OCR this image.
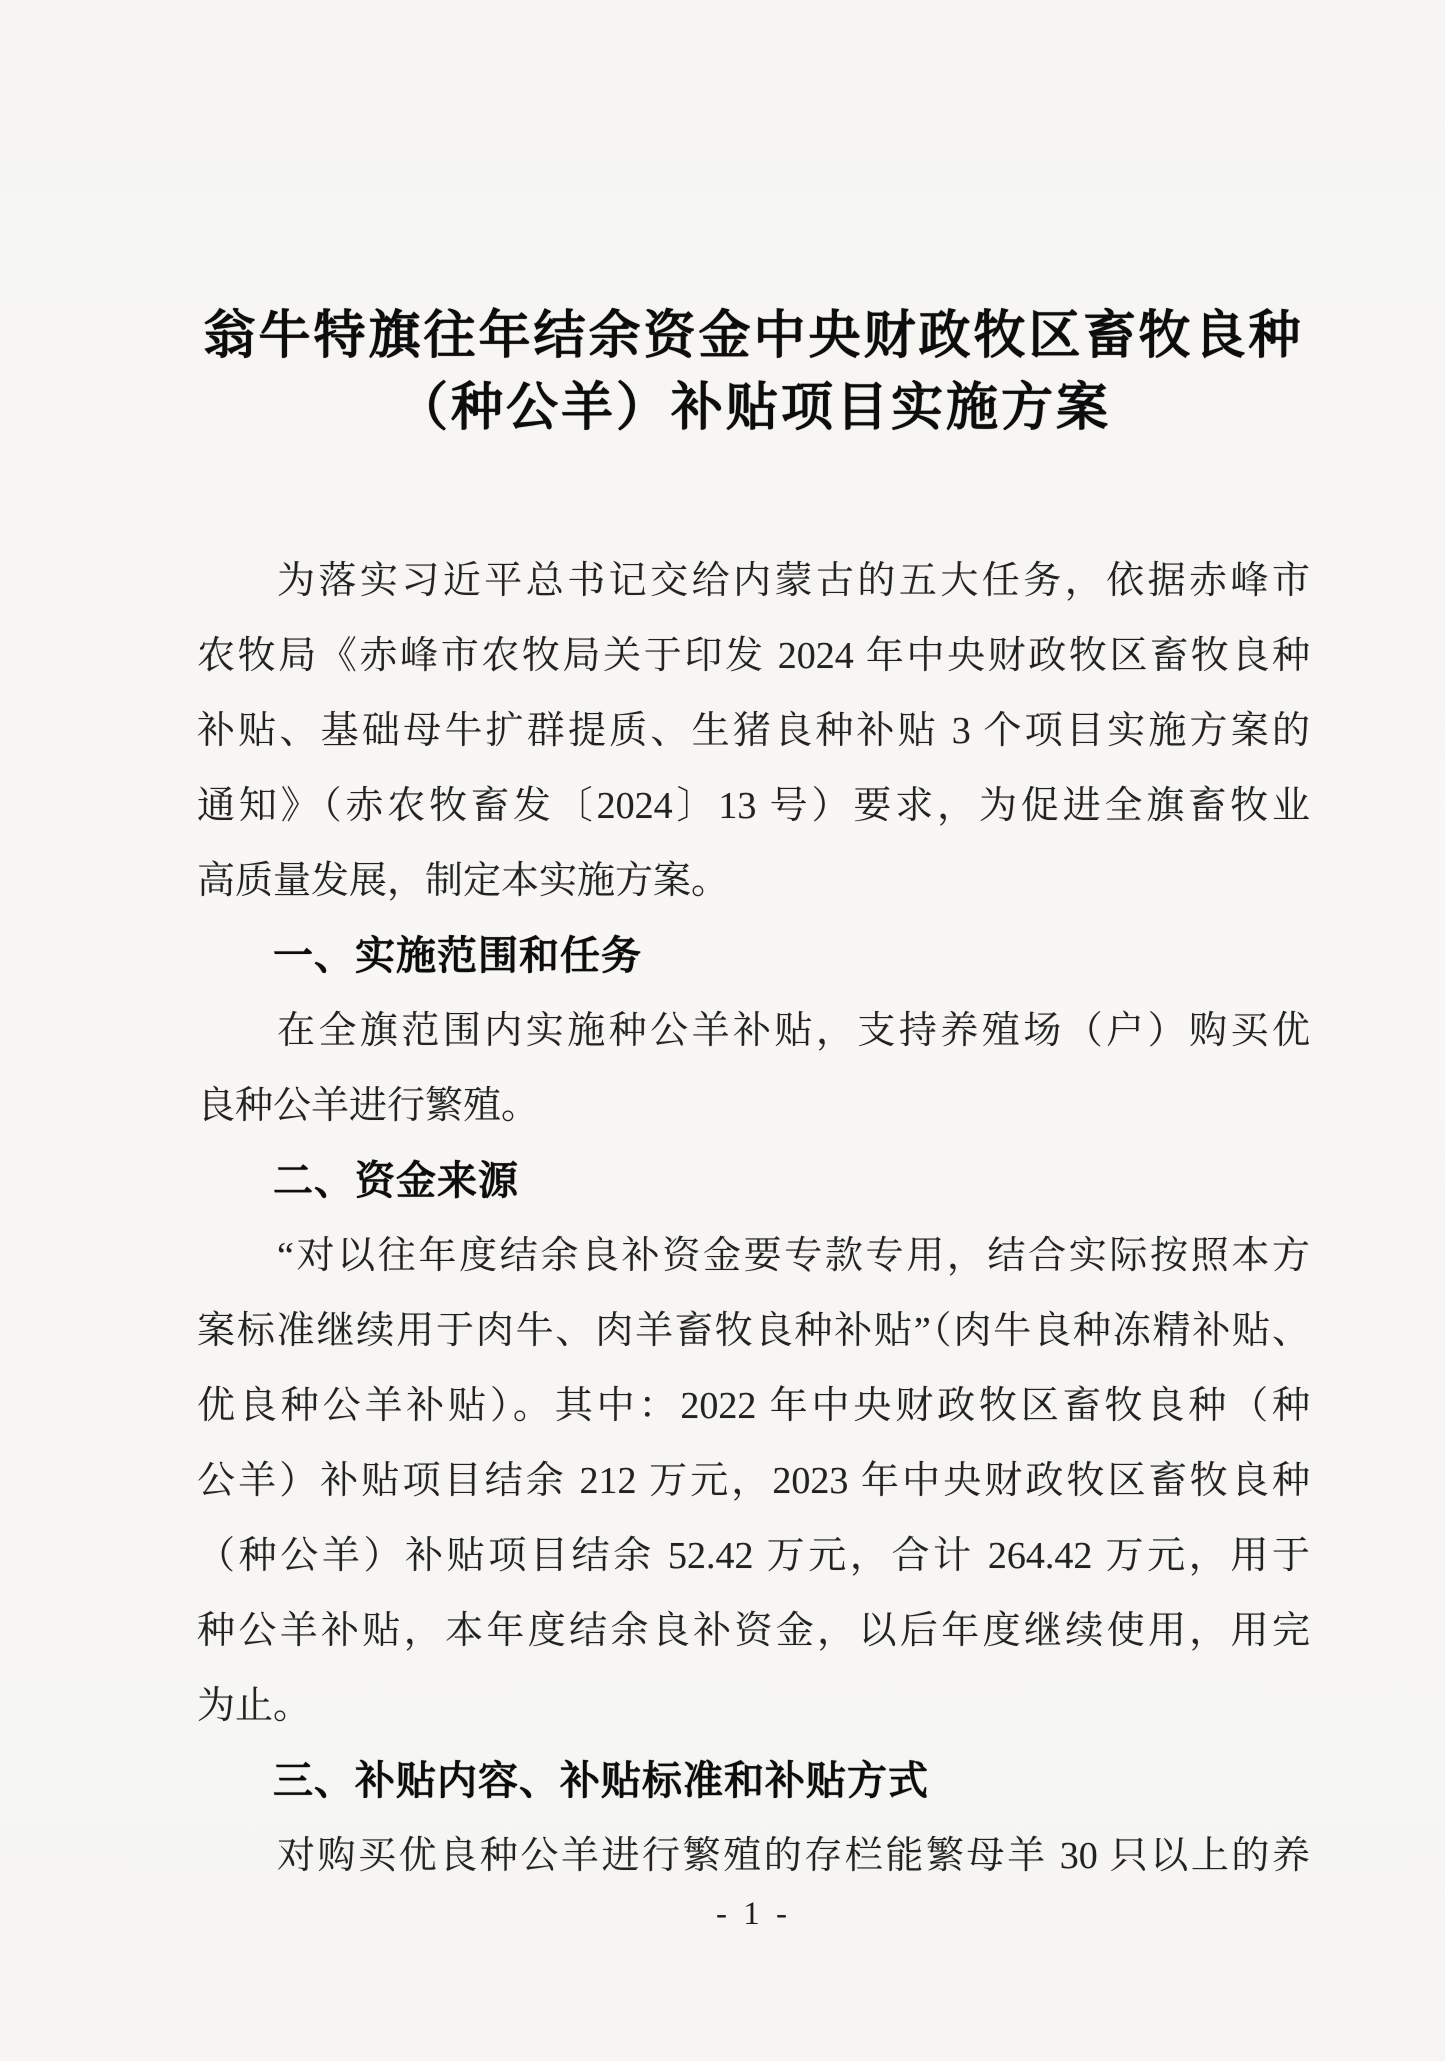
翁牛特旗往年结余资金中央财政牧区畜牧良种
（种公羊）补贴项目实施方案
为落实习近平总书记交给内蒙古的五大任务，依据赤峰市
农牧局《赤峰市农牧局关于印发 2024 年中央财政牧区畜牧良种
补贴、基础母牛扩群提质、生猪良种补贴 3 个项目实施方案的
通知》（赤农牧畜发〔2024〕13 号）要求，为促进全旗畜牧业
高质量发展，制定本实施方案。
一、实施范围和任务
在全旗范围内实施种公羊补贴，支持养殖场（户）购买优
良种公羊进行繁殖。
二、资金来源
“对以往年度结余良补资金要专款专用，结合实际按照本方
案标准继续用于肉牛、肉羊畜牧良种补贴”（肉牛良种冻精补贴、
优良种公羊补贴）。其中：2022 年中央财政牧区畜牧良种（种
公羊）补贴项目结余 212 万元，2023 年中央财政牧区畜牧良种
（种公羊）补贴项目结余 52.42 万元，合计 264.42 万元，用于
种公羊补贴，本年度结余良补资金，以后年度继续使用，用完
为止。
三、补贴内容、补贴标准和补贴方式
对购买优良种公羊进行繁殖的存栏能繁母羊 30 只以上的养
- 1 -
